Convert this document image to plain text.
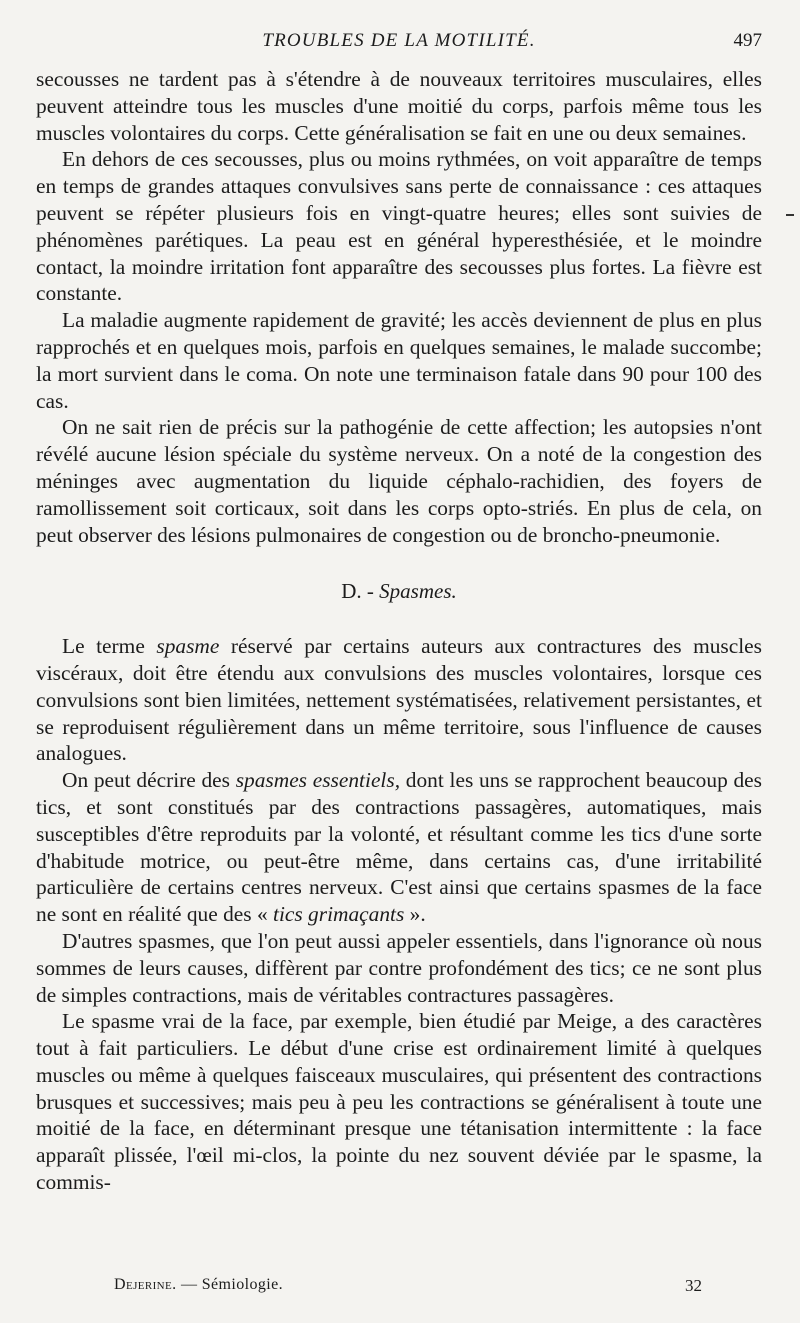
TROUBLES DE LA MOTILITÉ.	497

secousses ne tardent pas à s'étendre à de nouveaux territoires musculaires, elles peuvent atteindre tous les muscles d'une moitié du corps, parfois même tous les muscles volontaires du corps. Cette généralisation se fait en une ou deux semaines.

En dehors de ces secousses, plus ou moins rythmées, on voit apparaître de temps en temps de grandes attaques convulsives sans perte de connaissance : ces attaques peuvent se répéter plusieurs fois en vingt-quatre heures; elles sont suivies de phénomènes parétiques. La peau est en général hyperesthésiée, et le moindre contact, la moindre irritation font apparaître des secousses plus fortes. La fièvre est constante.

La maladie augmente rapidement de gravité; les accès deviennent de plus en plus rapprochés et en quelques mois, parfois en quelques semaines, le malade succombe; la mort survient dans le coma. On note une terminaison fatale dans 90 pour 100 des cas.

On ne sait rien de précis sur la pathogénie de cette affection; les autopsies n'ont révélé aucune lésion spéciale du système nerveux. On a noté de la congestion des méninges avec augmentation du liquide céphalo-rachidien, des foyers de ramollissement soit corticaux, soit dans les corps opto-striés. En plus de cela, on peut observer des lésions pulmonaires de congestion ou de broncho-pneumonie.

D. - Spasmes.

Le terme spasme réservé par certains auteurs aux contractures des muscles viscéraux, doit être étendu aux convulsions des muscles volontaires, lorsque ces convulsions sont bien limitées, nettement systématisées, relativement persistantes, et se reproduisent régulièrement dans un même territoire, sous l'influence de causes analogues.

On peut décrire des spasmes essentiels, dont les uns se rapprochent beaucoup des tics, et sont constitués par des contractions passagères, automatiques, mais susceptibles d'être reproduits par la volonté, et résultant comme les tics d'une sorte d'habitude motrice, ou peut-être même, dans certains cas, d'une irritabilité particulière de certains centres nerveux. C'est ainsi que certains spasmes de la face ne sont en réalité que des « tics grimaçants ».

D'autres spasmes, que l'on peut aussi appeler essentiels, dans l'ignorance où nous sommes de leurs causes, diffèrent par contre profondément des tics; ce ne sont plus de simples contractions, mais de véritables contractures passagères.

Le spasme vrai de la face, par exemple, bien étudié par Meige, a des caractères tout à fait particuliers. Le début d'une crise est ordinairement limité à quelques muscles ou même à quelques faisceaux musculaires, qui présentent des contractions brusques et successives; mais peu à peu les contractions se généralisent à toute une moitié de la face, en déterminant presque une tétanisation intermittente : la face apparaît plissée, l'œil mi-clos, la pointe du nez souvent déviée par le spasme, la commis-

Dejerine. — Sémiologie.	32
